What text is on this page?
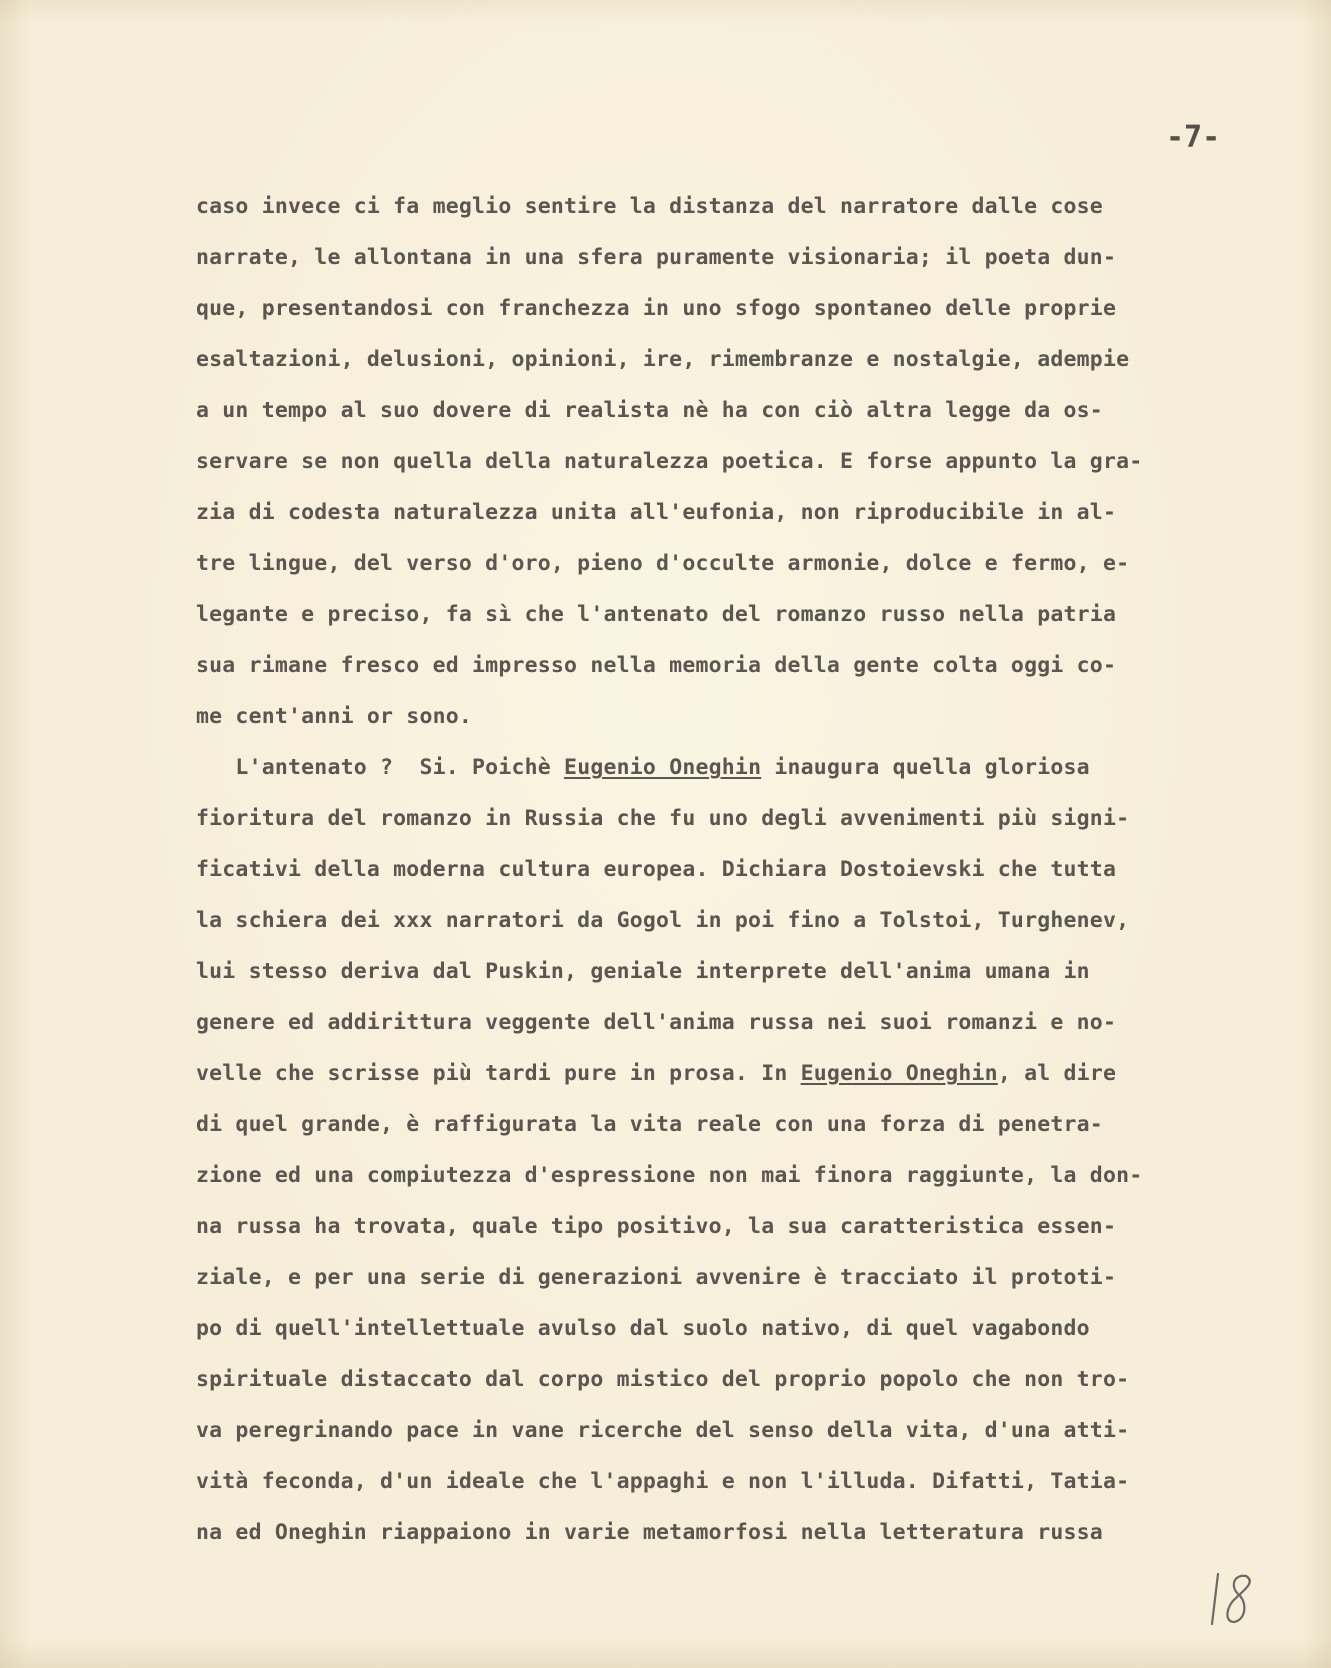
-7-
caso invece ci fa meglio sentire la distanza del narratore dalle cose
narrate, le allontana in una sfera puramente visionaria; il poeta dun-
que, presentandosi con franchezza in uno sfogo spontaneo delle proprie
esaltazioni, delusioni, opinioni, ire, rimembranze e nostalgie, adempie
a un tempo al suo dovere di realista nè ha con ciò altra legge da os-
servare se non quella della naturalezza poetica. E forse appunto la gra-
zia di codesta naturalezza unita all'eufonia, non riproducibile in al-
tre lingue, del verso d'oro, pieno d'occulte armonie, dolce e fermo, e-
legante e preciso, fa sì che l'antenato del romanzo russo nella patria
sua rimane fresco ed impresso nella memoria della gente colta oggi co-
me cent'anni or sono.
L'antenato ?  Si. Poichè Eugenio Oneghin inaugura quella gloriosa
fioritura del romanzo in Russia che fu uno degli avvenimenti più signi-
ficativi della moderna cultura europea. Dichiara Dostoievski che tutta
la schiera dei xxx narratori da Gogol in poi fino a Tolstoi, Turghenev,
lui stesso deriva dal Puskin, geniale interprete dell'anima umana in
genere ed addirittura veggente dell'anima russa nei suoi romanzi e no-
velle che scrisse più tardi pure in prosa. In Eugenio Oneghin, al dire
di quel grande, è raffigurata la vita reale con una forza di penetra-
zione ed una compiutezza d'espressione non mai finora raggiunte, la don-
na russa ha trovata, quale tipo positivo, la sua caratteristica essen-
ziale, e per una serie di generazioni avvenire è tracciato il prototi-
po di quell'intellettuale avulso dal suolo nativo, di quel vagabondo
spirituale distaccato dal corpo mistico del proprio popolo che non tro-
va peregrinando pace in vane ricerche del senso della vita, d'una atti-
vità feconda, d'un ideale che l'appaghi e non l'illuda. Difatti, Tatia-
na ed Oneghin riappaiono in varie metamorfosi nella letteratura russa
